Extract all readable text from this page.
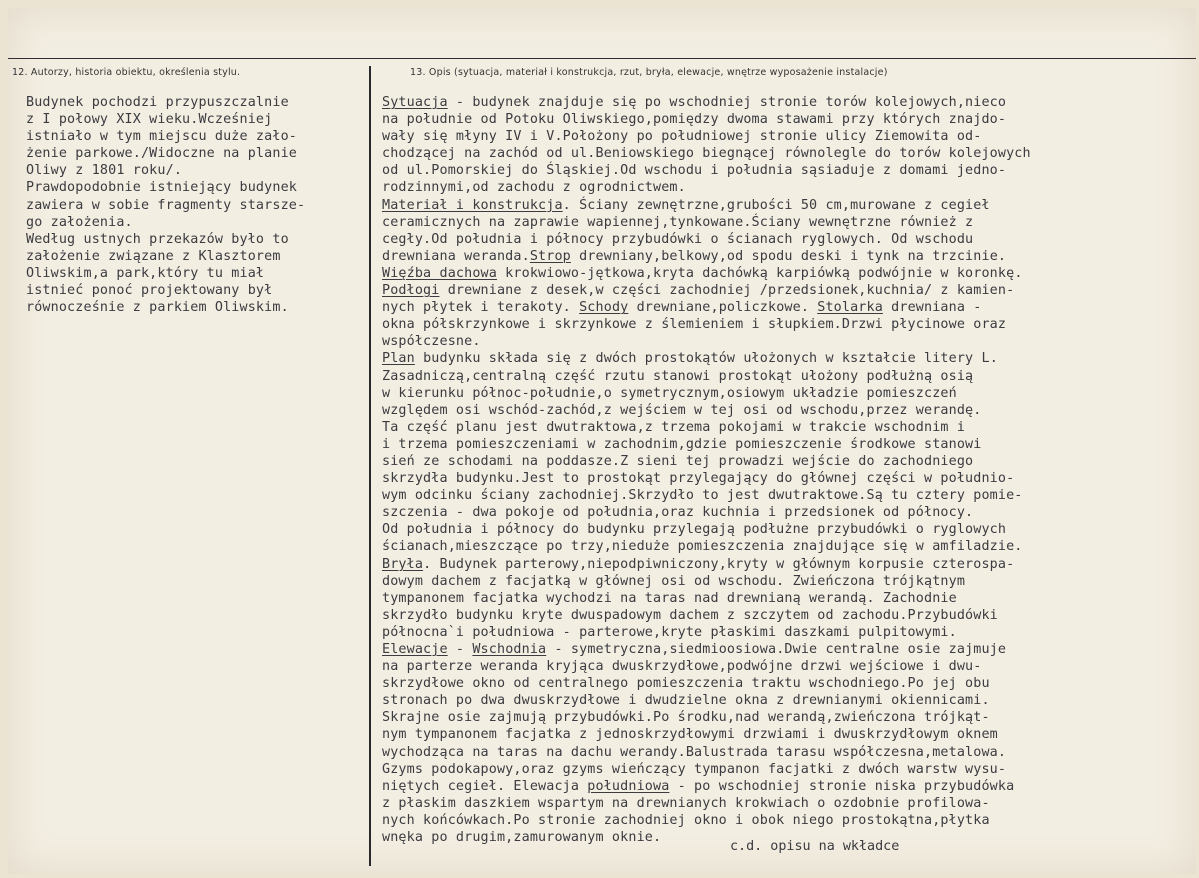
12. Autorzy, historia obiektu, określenia stylu.	13. Opis (sytuacja, materiał i konstrukcja, rzut, bryła, elewacje, wnętrze wyposażenie instalacje)
Budynek pochodzi przypuszczalnie
z I połowy XIX wieku.Wcześniej
istniało w tym miejscu duże zało-
żenie parkowe./Widoczne na planie
Oliwy z 1801 roku/.
Prawdopodobnie istniejący budynek
zawiera w sobie fragmenty starsze-
go założenia.
Według ustnych przekazów było to
założenie związane z Klasztorem
Oliwskim,a park,który tu miał
istnieć ponoć projektowany był
równocześnie z parkiem Oliwskim.
Sytuacja - budynek znajduje się po wschodniej stronie torów kolejowych,nieco
na południe od Potoku Oliwskiego,pomiędzy dwoma stawami przy których znajdo-
wały się młyny IV i V.Położony po południowej stronie ulicy Ziemowita od-
chodzącej na zachód od ul.Beniowskiego biegnącej równolegle do torów kolejowych
od ul.Pomorskiej do Śląskiej.Od wschodu i południa sąsiaduje z domami jedno-
rodzinnymi,od zachodu z ogrodnictwem.
Materiał i konstrukcja. Ściany zewnętrzne,grubości 50 cm,murowane z cegieł
ceramicznych na zaprawie wapiennej,tynkowane.Ściany wewnętrzne również z
cegły.Od południa i północy przybudówki o ścianach ryglowych. Od wschodu
drewniana weranda.Strop drewniany,belkowy,od spodu deski i tynk na trzcinie.
Więźba dachowa krokwiowo-jętkowa,kryta dachówką karpiówką podwójnie w koronkę.
Podłogi drewniane z desek,w części zachodniej /przedsionek,kuchnia/ z kamien-
nych płytek i terakoty. Schody drewniane,policzkowe. Stolarka drewniana -
okna półskrzynkowe i skrzynkowe z ślemieniem i słupkiem.Drzwi płycinowe oraz
współczesne.
Plan budynku składa się z dwóch prostokątów ułożonych w kształcie litery L.
Zasadniczą,centralną część rzutu stanowi prostokąt ułożony podłużną osią
w kierunku północ-południe,o symetrycznym,osiowym układzie pomieszczeń
względem osi wschód-zachód,z wejściem w tej osi od wschodu,przez werandę.
Ta część planu jest dwutraktowa,z trzema pokojami w trakcie wschodnim i
i trzema pomieszczeniami w zachodnim,gdzie pomieszczenie środkowe stanowi
sień ze schodami na poddasze.Z sieni tej prowadzi wejście do zachodniego
skrzydła budynku.Jest to prostokąt przylegający do głównej części w południo-
wym odcinku ściany zachodniej.Skrzydło to jest dwutraktowe.Są tu cztery pomie-
szczenia - dwa pokoje od południa,oraz kuchnia i przedsionek od północy.
Od południa i północy do budynku przylegają podłużne przybudówki o ryglowych
ścianach,mieszczące po trzy,nieduże pomieszczenia znajdujące się w amfiladzie.
Bryła. Budynek parterowy,niepodpiwniczony,kryty w głównym korpusie czterospa-
dowym dachem z facjatką w głównej osi od wschodu. Zwieńczona trójkątnym
tympanonem facjatka wychodzi na taras nad drewnianą werandą. Zachodnie
skrzydło budynku kryte dwuspadowym dachem z szczytem od zachodu.Przybudówki
północna`i południowa - parterowe,kryte płaskimi daszkami pulpitowymi.
Elewacje - Wschodnia - symetryczna,siedmioosiowa.Dwie centralne osie zajmuje
na parterze weranda kryjąca dwuskrzydłowe,podwójne drzwi wejściowe i dwu-
skrzydłowe okno od centralnego pomieszczenia traktu wschodniego.Po jej obu
stronach po dwa dwuskrzydłowe i dwudzielne okna z drewnianymi okiennicami.
Skrajne osie zajmują przybudówki.Po środku,nad werandą,zwieńczona trójkąt-
nym tympanonem facjatka z jednoskrzydłowymi drzwiami i dwuskrzydłowym oknem
wychodząca na taras na dachu werandy.Balustrada tarasu współczesna,metalowa.
Gzyms podokapowy,oraz gzyms wieńczący tympanon facjatki z dwóch warstw wysu-
niętych cegieł. Elewacja południowa - po wschodniej stronie niska przybudówka
z płaskim daszkiem wspartym na drewnianych krokwiach o ozdobnie profilowa-
nych końcówkach.Po stronie zachodniej okno i obok niego prostokątna,płytka
wnęka po drugim,zamurowanym oknie.
c.d. opisu na wkładce
